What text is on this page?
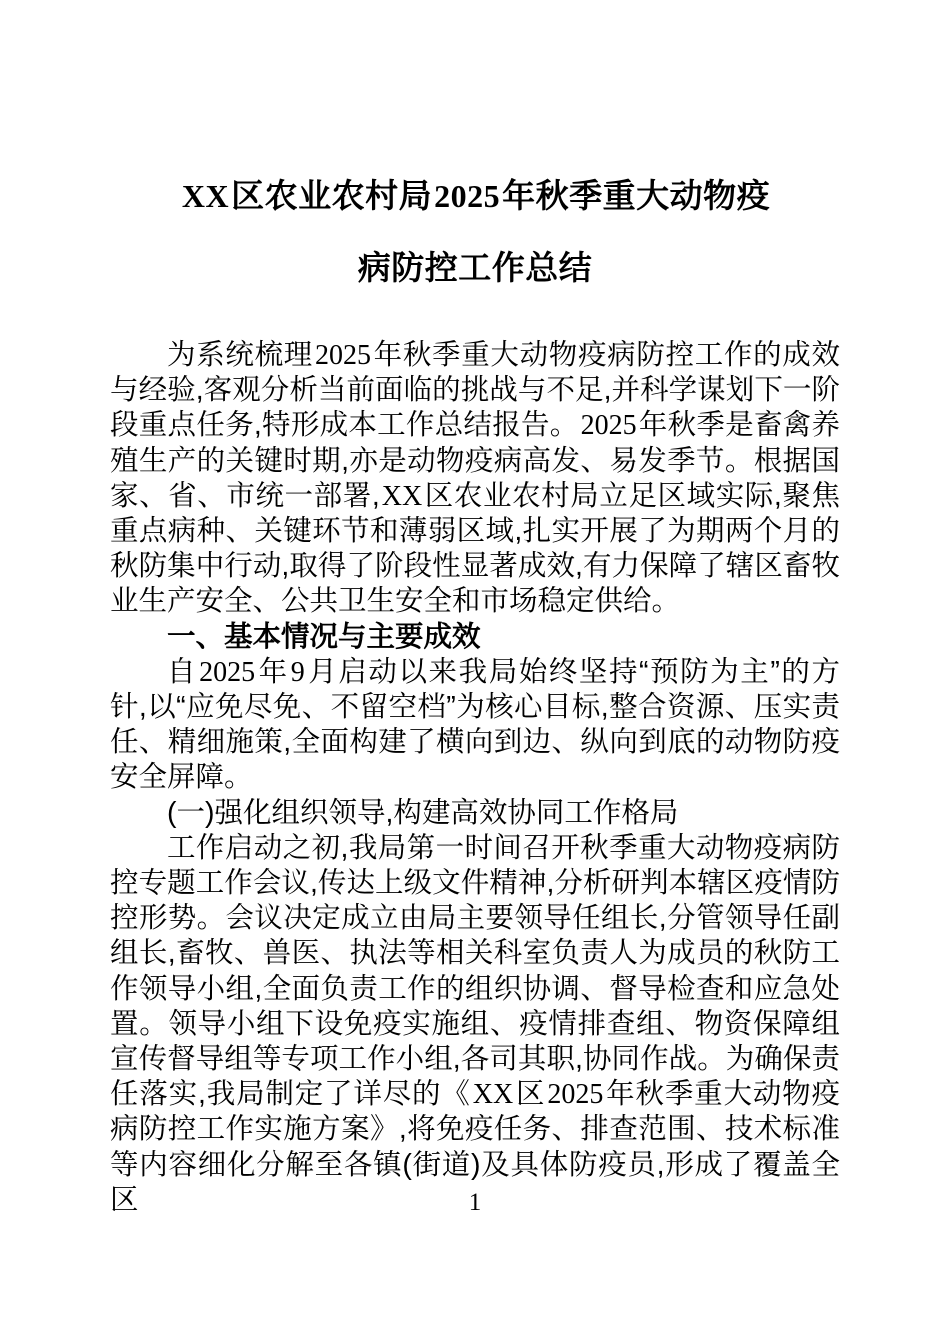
XX区农业农村局2025年秋季重大动物疫
病防控工作总结

为系统梳理2025年秋季重大动物疫病防控工作的成效与经验,客观分析当前面临的挑战与不足,并科学谋划下一阶段重点任务,特形成本工作总结报告。2025年秋季是畜禽养殖生产的关键时期,亦是动物疫病高发、易发季节。根据国家、省、市统一部署,XX区农业农村局立足区域实际,聚焦重点病种、关键环节和薄弱区域,扎实开展了为期两个月的秋防集中行动,取得了阶段性显著成效,有力保障了辖区畜牧业生产安全、公共卫生安全和市场稳定供给。

一、基本情况与主要成效

自2025年9月启动以来我局始终坚持“预防为主”的方针,以“应免尽免、不留空档”为核心目标,整合资源、压实责任、精细施策,全面构建了横向到边、纵向到底的动物防疫安全屏障。

(一)强化组织领导,构建高效协同工作格局

工作启动之初,我局第一时间召开秋季重大动物疫病防控专题工作会议,传达上级文件精神,分析研判本辖区疫情防控形势。会议决定成立由局主要领导任组长,分管领导任副组长,畜牧、兽医、执法等相关科室负责人为成员的秋防工作领导小组,全面负责工作的组织协调、督导检查和应急处置。领导小组下设免疫实施组、疫情排查组、物资保障组宣传督导组等专项工作小组,各司其职,协同作战。为确保责任落实,我局制定了详尽的《XX区2025年秋季重大动物疫病防控工作实施方案》,将免疫任务、排查范围、技术标准等内容细化分解至各镇(街道)及具体防疫员,形成了覆盖全区	1
